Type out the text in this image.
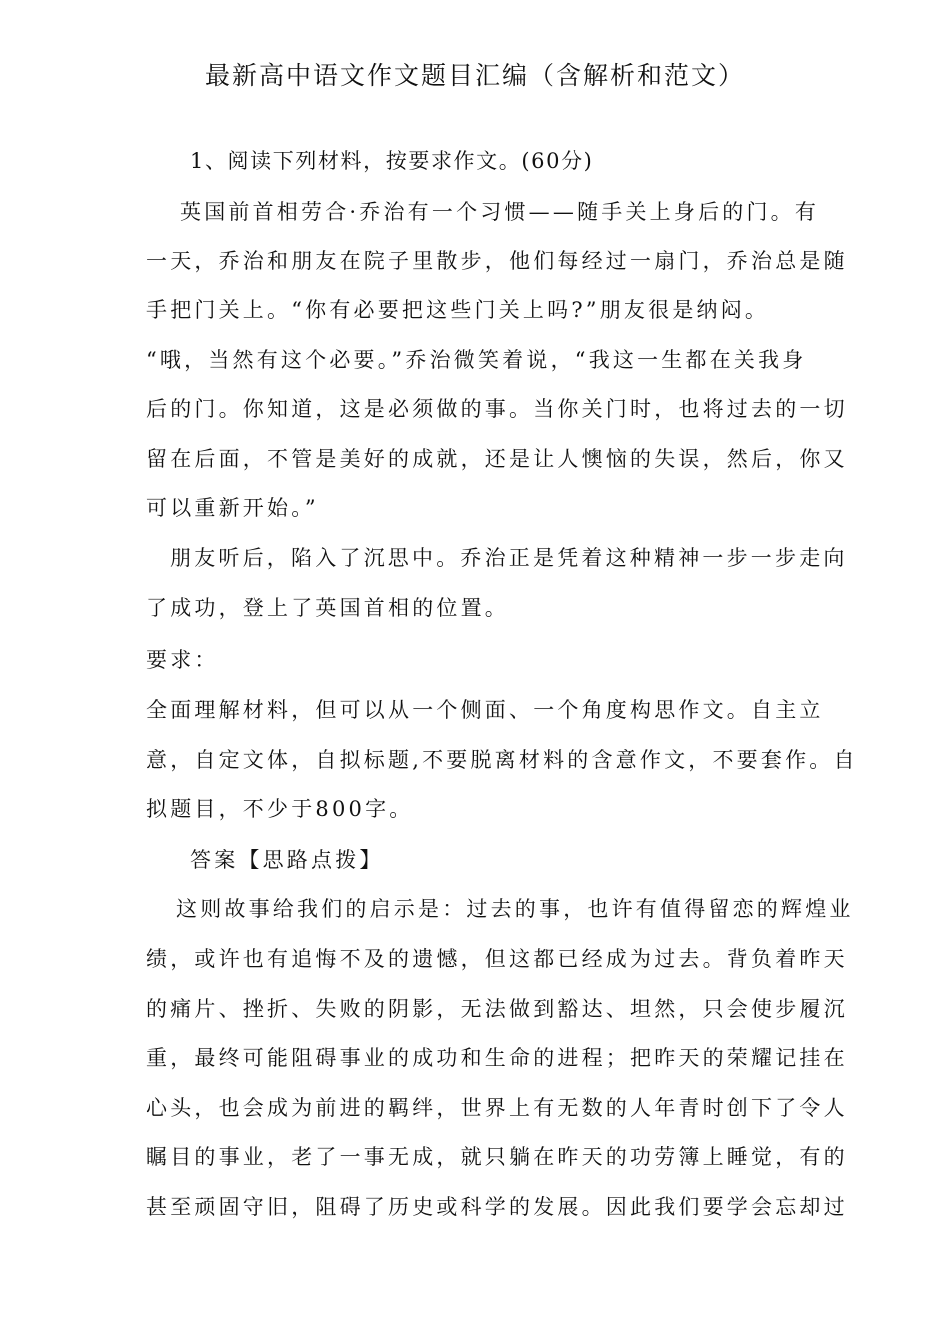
最新高中语文作文题目汇编（含解析和范文）
1、阅读下列材料，按要求作文。(60分)
英国前首相劳合·乔治有一个习惯——随手关上身后的门。有
一天，乔治和朋友在院子里散步，他们每经过一扇门，乔治总是随
手把门关上。“你有必要把这些门关上吗?”朋友很是纳闷。
“哦，当然有这个必要。”乔治微笑着说，“我这一生都在关我身
后的门。你知道，这是必须做的事。当你关门时，也将过去的一切
留在后面，不管是美好的成就，还是让人懊恼的失误，然后，你又
可以重新开始。”
朋友听后，陷入了沉思中。乔治正是凭着这种精神一步一步走向
了成功，登上了英国首相的位置。
要求：
全面理解材料，但可以从一个侧面、一个角度构思作文。自主立
意，自定文体，自拟标题,不要脱离材料的含意作文，不要套作。自
拟题目，不少于800字。
答案【思路点拨】
这则故事给我们的启示是：过去的事，也许有值得留恋的辉煌业
绩，或许也有追悔不及的遗憾，但这都已经成为过去。背负着昨天
的痛片、挫折、失败的阴影，无法做到豁达、坦然，只会使步履沉
重，最终可能阻碍事业的成功和生命的进程；把昨天的荣耀记挂在
心头，也会成为前进的羁绊，世界上有无数的人年青时创下了令人
瞩目的事业，老了一事无成，就只躺在昨天的功劳簿上睡觉，有的
甚至顽固守旧，阻碍了历史或科学的发展。因此我们要学会忘却过
